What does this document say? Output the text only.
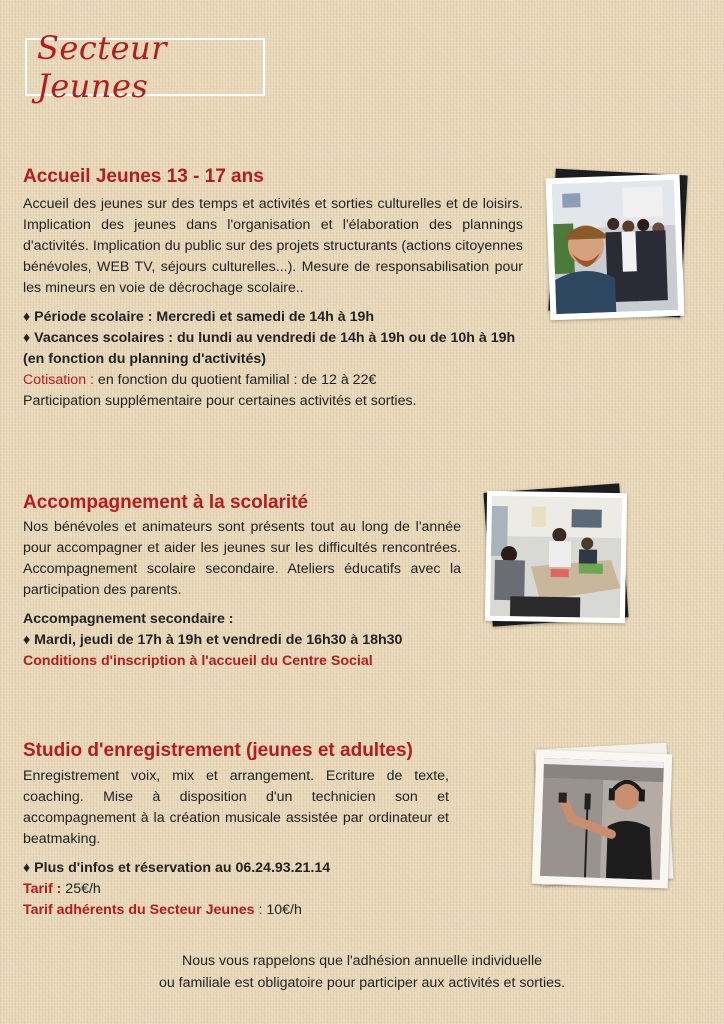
Secteur Jeunes
Accueil Jeunes 13 - 17 ans

Accueil des jeunes sur des temps et activités et sorties culturelles et de loisirs. Implication des jeunes dans l'organisation et l'élaboration des plannings d'activités. Implication du public sur des projets structurants (actions citoyennes bénévoles, WEB TV, séjours culturelles...). Mesure de responsabilisation pour les mineurs en voie de décrochage scolaire..

♦ Période scolaire : Mercredi et samedi de 14h à 19h

♦ Vacances scolaires : du lundi au vendredi de 14h à 19h ou de 10h à 19h

(en fonction du planning d'activités)

Cotisation : en fonction du quotient familial : de 12 à 22€

Participation supplémentaire pour certaines activités et sorties.

Accompagnement à la scolarité

Nos bénévoles et animateurs sont présents tout au long de l'année pour accompagner et aider les jeunes sur les difficultés rencontrées. Accompagnement scolaire secondaire. Ateliers éducatifs avec la participation des parents.

Accompagnement secondaire :

♦ Mardi, jeudi de 17h à 19h et vendredi de 16h30 à 18h30

Conditions d'inscription à l'accueil du Centre Social

Studio d'enregistrement (jeunes et adultes)

Enregistrement voix, mix et arrangement. Ecriture de texte, coaching. Mise à disposition d'un technicien son et accompagnement à la création musicale assistée par ordinateur et beatmaking.

♦ Plus d'infos et réservation au 06.24.93.21.14

Tarif : 25€/h

Tarif adhérents du Secteur Jeunes : 10€/h

Nous vous rappelons que l'adhésion annuelle individuelle
ou familiale est obligatoire pour participer aux activités et sorties.
